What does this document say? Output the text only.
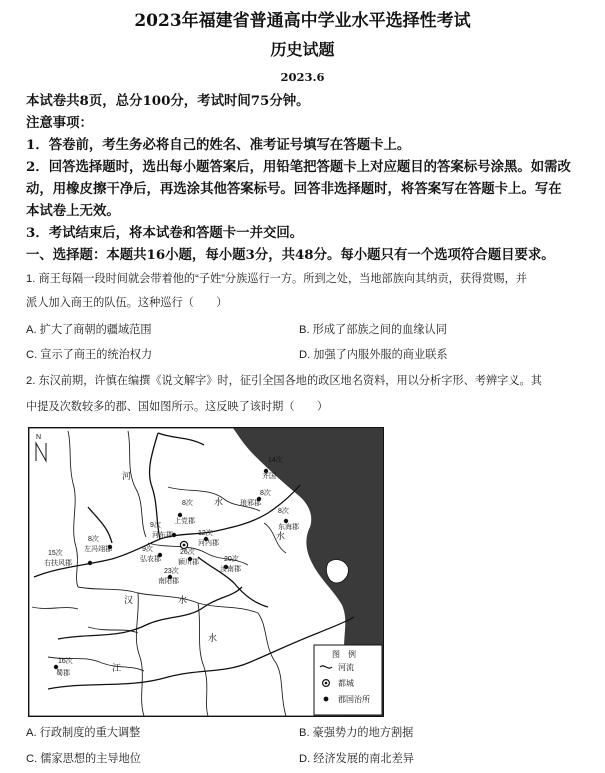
2023年福建省普通高中学业水平选择性考试
历史试题
2023.6
本试卷共8页，总分100分，考试时间75分钟。
注意事项：
1．答卷前，考生务必将自己的姓名、准考证号填写在答题卡上。
2．回答选择题时，选出每小题答案后，用铅笔把答题卡上对应题目的答案标号涂黑。如需改
动，用橡皮擦干净后，再选涂其他答案标号。回答非选择题时，将答案写在答题卡上。写在
本试卷上无效。
3．考试结束后，将本试卷和答题卡一并交回。
一、选择题：本题共16小题，每小题3分，共48分。每小题只有一个选项符合题目要求。
1. 商王每隔一段时间就会带着他的“子姓”分族巡行一方。所到之处，当地部族向其纳贡，获得赏赐，并
派人加入商王的队伍。这种巡行（　　）
A. 扩大了商朝的疆域范围	B. 形成了部族之间的血缘认同
C. 宣示了商王的统治权力	D. 加强了内服外服的商业联系
2. 东汉前期，许慎在编撰《说文解字》时，征引全国各地的政区地名资料，用以分析字形、考辨字义。其
中提及次数较多的郡、国如图所示。这反映了该时期（　　）
N
河
水
水
汉	水
江
水
14次
齐国
8次
琅邪郡
8次
东海郡
8次
上党郡
9次
河东郡	12次
河内郡
8次
左冯翊郡
15次
右扶风郡
9次
弘农郡
26次
颍川郡	20次
汝南郡
23次
南阳郡
16次
蜀郡
图　例
河流
都城
郡国治所
A. 行政制度的重大调整	B. 豪强势力的地方割据
C. 儒家思想的主导地位	D. 经济发展的南北差异
